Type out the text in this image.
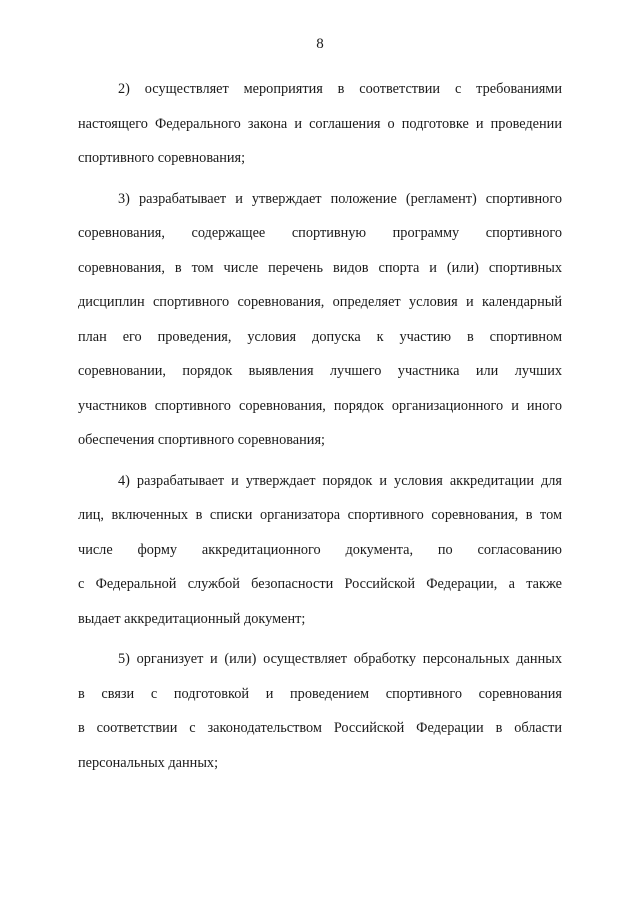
8

2) осуществляет мероприятия в соответствии с требованиями
настоящего Федерального закона и соглашения о подготовке и проведении
спортивного соревнования;

3) разрабатывает и утверждает положение (регламент) спортивного
соревнования, содержащее спортивную программу спортивного
соревнования, в том числе перечень видов спорта и (или) спортивных
дисциплин спортивного соревнования, определяет условия и календарный
план его проведения, условия допуска к участию в спортивном
соревновании, порядок выявления лучшего участника или лучших
участников спортивного соревнования, порядок организационного и иного
обеспечения спортивного соревнования;

4) разрабатывает и утверждает порядок и условия аккредитации для
лиц, включенных в списки организатора спортивного соревнования, в том
числе форму аккредитационного документа, по согласованию
с Федеральной службой безопасности Российской Федерации, а также
выдает аккредитационный документ;

5) организует и (или) осуществляет обработку персональных данных
в связи с подготовкой и проведением спортивного соревнования
в соответствии с законодательством Российской Федерации в области
персональных данных;
